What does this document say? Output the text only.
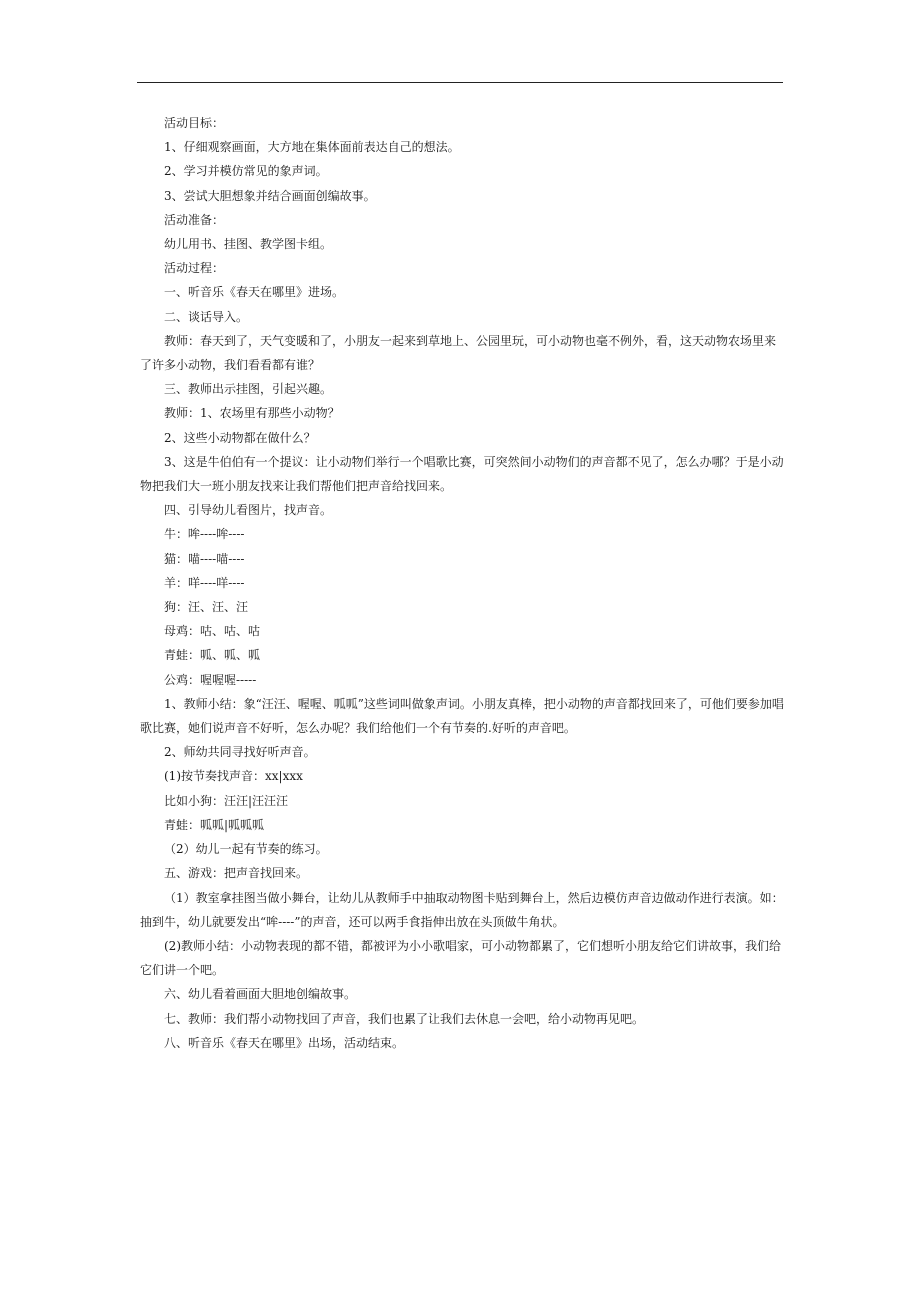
活动目标：

1、仔细观察画面，大方地在集体面前表达自己的想法。

2、学习并模仿常见的象声词。

3、尝试大胆想象并结合画面创编故事。

活动准备：

幼儿用书、挂图、教学图卡组。

活动过程：

一、听音乐《春天在哪里》进场。

二、谈话导入。

教师：春天到了，天气变暖和了，小朋友一起来到草地上、公园里玩，可小动物也毫不例外，看，这天动物农场里来了许多小动物，我们看看都有谁？

三、教师出示挂图，引起兴趣。

教师：1、农场里有那些小动物？

2、这些小动物都在做什么？

3、这是牛伯伯有一个提议：让小动物们举行一个唱歌比赛，可突然间小动物们的声音都不见了，怎么办哪？于是小动物把我们大一班小朋友找来让我们帮他们把声音给找回来。

四、引导幼儿看图片，找声音。

牛：哞----哞----

猫：喵----喵----

羊：咩----咩----

狗：汪、汪、汪

母鸡：咕、咕、咕

青蛙：呱、呱、呱

公鸡：喔喔喔-----

1、教师小结：象“汪汪、喔喔、呱呱”这些词叫做象声词。小朋友真棒，把小动物的声音都找回来了，可他们要参加唱歌比赛，她们说声音不好听，怎么办呢？我们给他们一个有节奏的.好听的声音吧。

2、师幼共同寻找好听声音。

(1)按节奏找声音：xx|xxx

比如小狗：汪汪|汪汪汪

青蛙：呱呱|呱呱呱

（2）幼儿一起有节奏的练习。

五、游戏：把声音找回来。

（1）教室拿挂图当做小舞台，让幼儿从教师手中抽取动物图卡贴到舞台上，然后边模仿声音边做动作进行表演。如：抽到牛，幼儿就要发出“哞----”的声音，还可以两手食指伸出放在头顶做牛角状。

(2)教师小结：小动物表现的都不错，都被评为小小歌唱家，可小动物都累了，它们想听小朋友给它们讲故事，我们给它们讲一个吧。

六、幼儿看着画面大胆地创编故事。

七、教师：我们帮小动物找回了声音，我们也累了让我们去休息一会吧，给小动物再见吧。

八、听音乐《春天在哪里》出场，活动结束。
